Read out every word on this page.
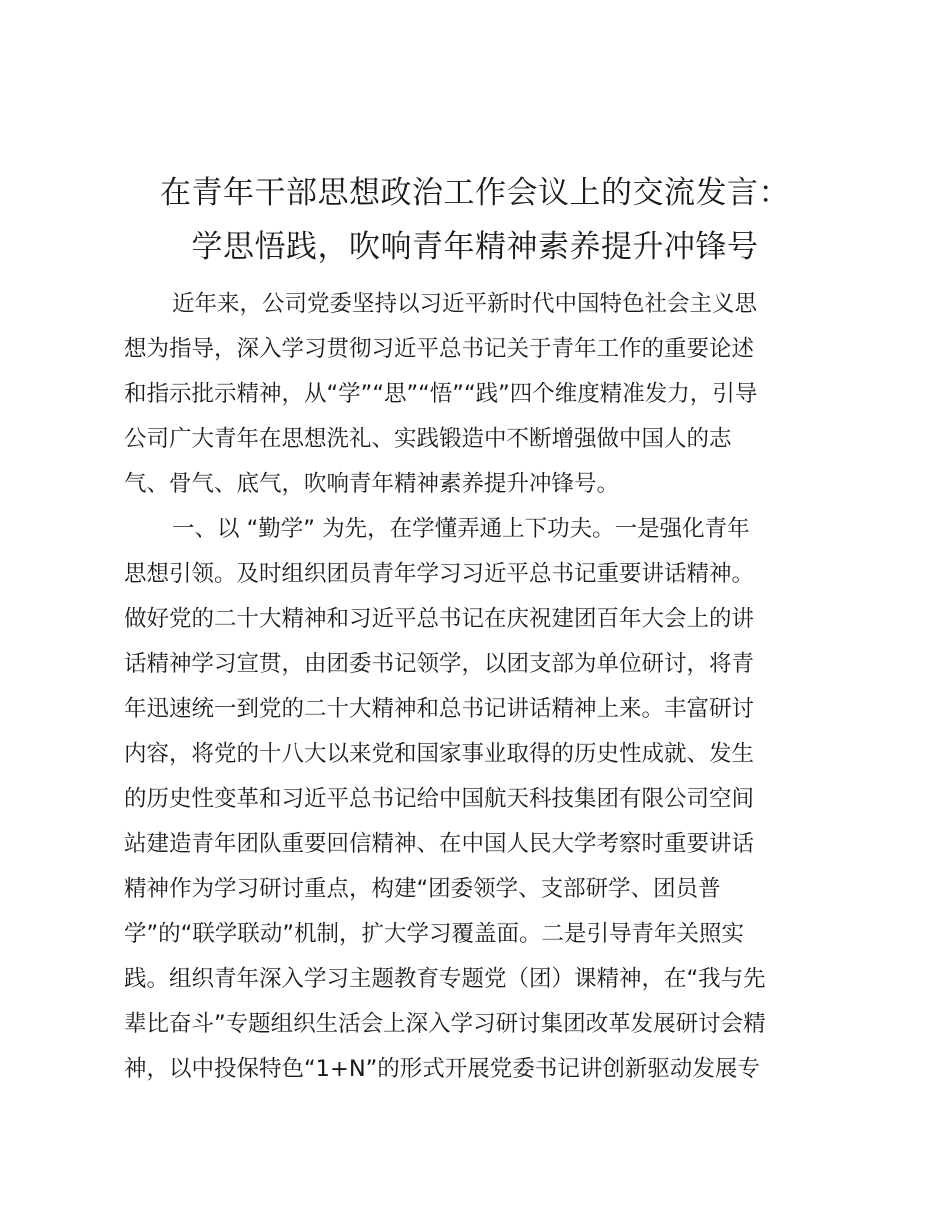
在青年干部思想政治工作会议上的交流发言：
学思悟践，吹响青年精神素养提升冲锋号
近年来，公司党委坚持以习近平新时代中国特色社会主义思
想为指导，深入学习贯彻习近平总书记关于青年工作的重要论述
和指示批示精神，从“学”“思”“悟”“践”四个维度精准发力，引导
公司广大青年在思想洗礼、实践锻造中不断增强做中国人的志
气、骨气、底气，吹响青年精神素养提升冲锋号。
一、以 “勤学” 为先，在学懂弄通上下功夫。一是强化青年
思想引领。及时组织团员青年学习习近平总书记重要讲话精神。
做好党的二十大精神和习近平总书记在庆祝建团百年大会上的讲
话精神学习宣贯，由团委书记领学，以团支部为单位研讨，将青
年迅速统一到党的二十大精神和总书记讲话精神上来。丰富研讨
内容，将党的十八大以来党和国家事业取得的历史性成就、发生
的历史性变革和习近平总书记给中国航天科技集团有限公司空间
站建造青年团队重要回信精神、在中国人民大学考察时重要讲话
精神作为学习研讨重点，构建“团委领学、支部研学、团员普
学”的“联学联动”机制，扩大学习覆盖面。二是引导青年关照实
践。组织青年深入学习主题教育专题党（团）课精神，在“我与先
辈比奋斗”专题组织生活会上深入学习研讨集团改革发展研讨会精
神，以中投保特色“1+N”的形式开展党委书记讲创新驱动发展专
